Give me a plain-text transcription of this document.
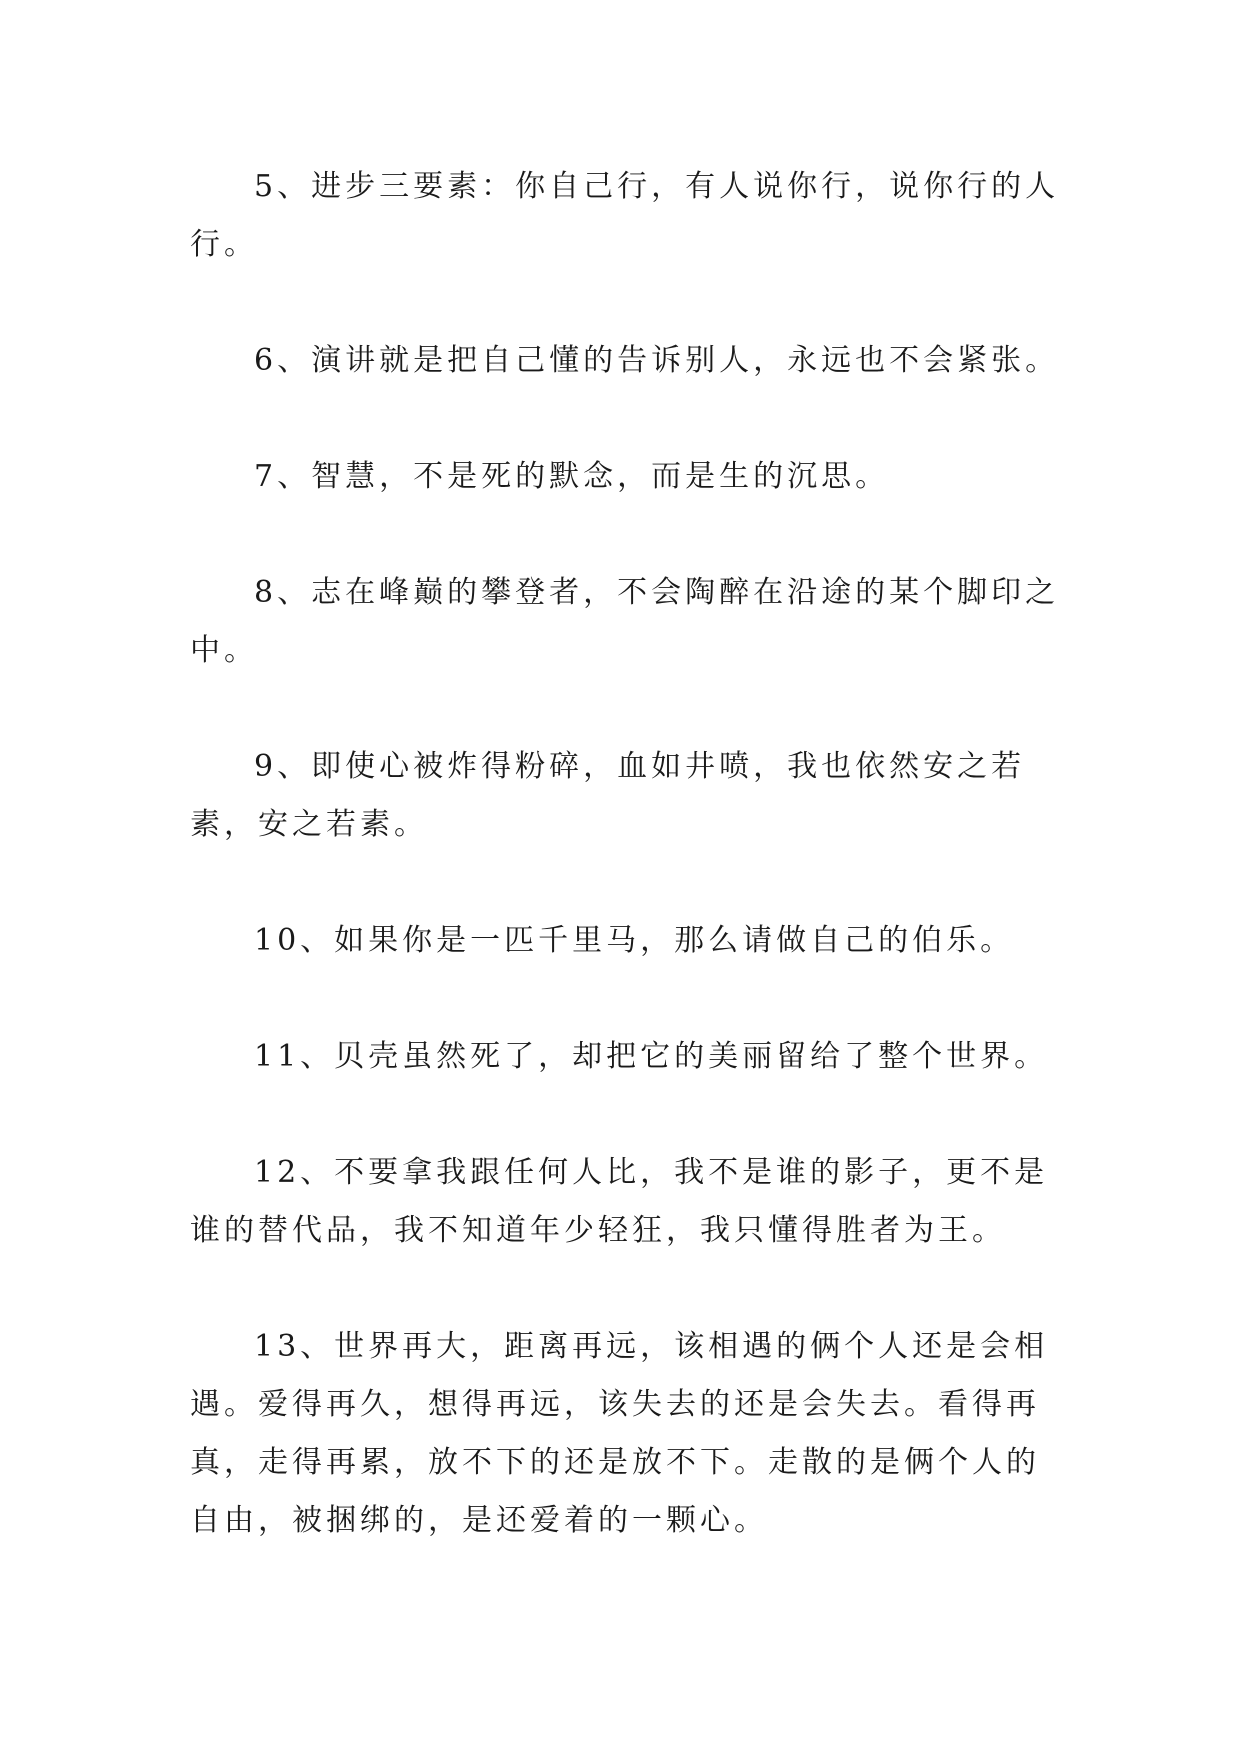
5、进步三要素：你自己行，有人说你行，说你行的人行。

6、演讲就是把自己懂的告诉别人，永远也不会紧张。

7、智慧，不是死的默念，而是生的沉思。

8、志在峰巅的攀登者，不会陶醉在沿途的某个脚印之中。

9、即使心被炸得粉碎，血如井喷，我也依然安之若素，安之若素。

10、如果你是一匹千里马，那么请做自己的伯乐。

11、贝壳虽然死了，却把它的美丽留给了整个世界。

12、不要拿我跟任何人比，我不是谁的影子，更不是谁的替代品，我不知道年少轻狂，我只懂得胜者为王。

13、世界再大，距离再远，该相遇的俩个人还是会相遇。爱得再久，想得再远，该失去的还是会失去。看得再真，走得再累，放不下的还是放不下。走散的是俩个人的自由，被捆绑的，是还爱着的一颗心。
